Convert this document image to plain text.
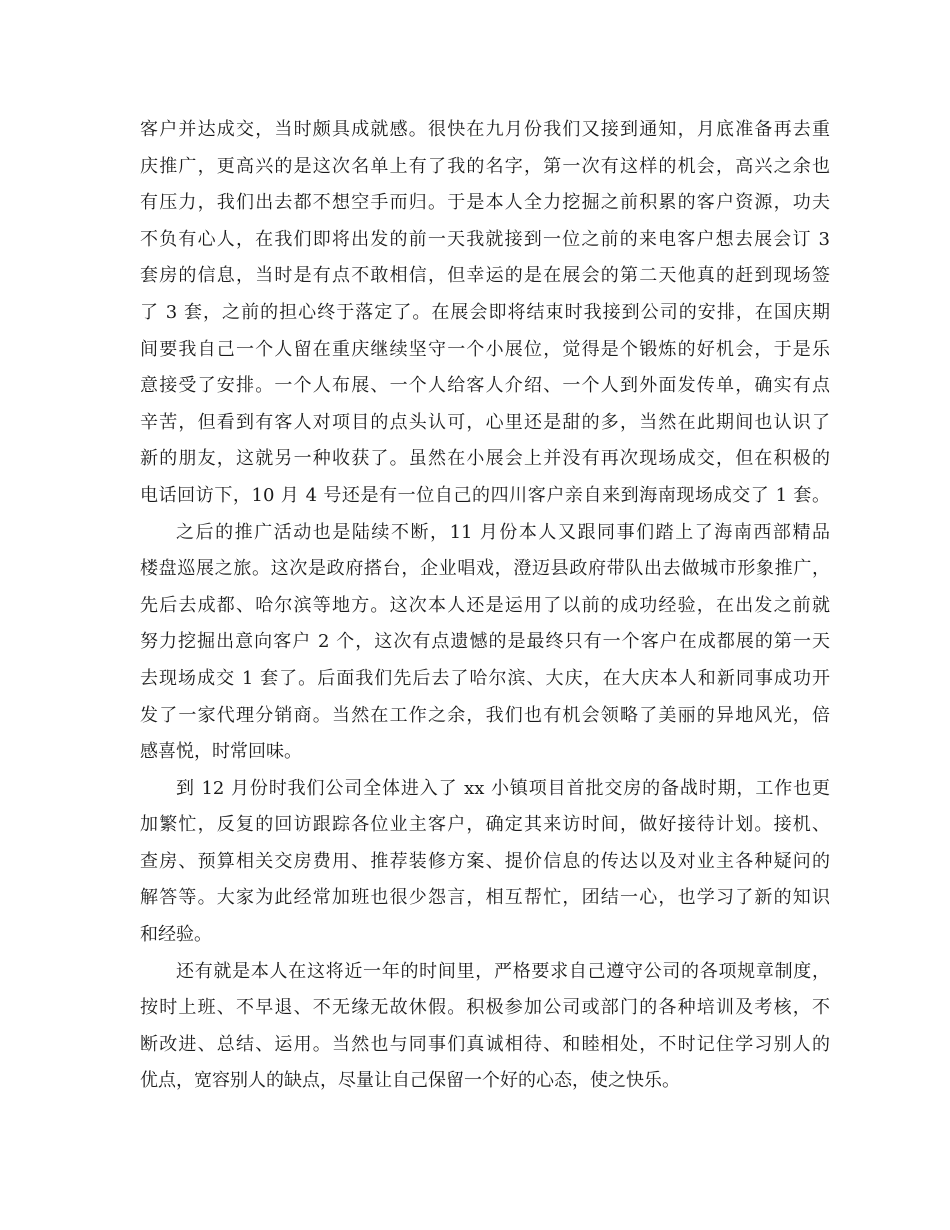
客户并达成交，当时颇具成就感。很快在九月份我们又接到通知，月底准备再去重
庆推广，更高兴的是这次名单上有了我的名字，第一次有这样的机会，高兴之余也
有压力，我们出去都不想空手而归。于是本人全力挖掘之前积累的客户资源，功夫
不负有心人，在我们即将出发的前一天我就接到一位之前的来电客户想去展会订 3
套房的信息，当时是有点不敢相信，但幸运的是在展会的第二天他真的赶到现场签
了 3 套，之前的担心终于落定了。在展会即将结束时我接到公司的安排，在国庆期
间要我自己一个人留在重庆继续坚守一个小展位，觉得是个锻炼的好机会，于是乐
意接受了安排。一个人布展、一个人给客人介绍、一个人到外面发传单，确实有点
辛苦，但看到有客人对项目的点头认可，心里还是甜的多，当然在此期间也认识了
新的朋友，这就另一种收获了。虽然在小展会上并没有再次现场成交，但在积极的
电话回访下，10 月 4 号还是有一位自己的四川客户亲自来到海南现场成交了 1 套。

之后的推广活动也是陆续不断，11 月份本人又跟同事们踏上了海南西部精品
楼盘巡展之旅。这次是政府搭台，企业唱戏，澄迈县政府带队出去做城市形象推广，
先后去成都、哈尔滨等地方。这次本人还是运用了以前的成功经验，在出发之前就
努力挖掘出意向客户 2 个，这次有点遗憾的是最终只有一个客户在成都展的第一天
去现场成交 1 套了。后面我们先后去了哈尔滨、大庆，在大庆本人和新同事成功开
发了一家代理分销商。当然在工作之余，我们也有机会领略了美丽的异地风光，倍
感喜悦，时常回味。

到 12 月份时我们公司全体进入了 xx 小镇项目首批交房的备战时期，工作也更
加繁忙，反复的回访跟踪各位业主客户，确定其来访时间，做好接待计划。接机、
查房、预算相关交房费用、推荐装修方案、提价信息的传达以及对业主各种疑问的
解答等。大家为此经常加班也很少怨言，相互帮忙，团结一心，也学习了新的知识
和经验。

还有就是本人在这将近一年的时间里，严格要求自己遵守公司的各项规章制度，
按时上班、不早退、不无缘无故休假。积极参加公司或部门的各种培训及考核，不
断改进、总结、运用。当然也与同事们真诚相待、和睦相处，不时记住学习别人的
优点，宽容别人的缺点，尽量让自己保留一个好的心态，使之快乐。
